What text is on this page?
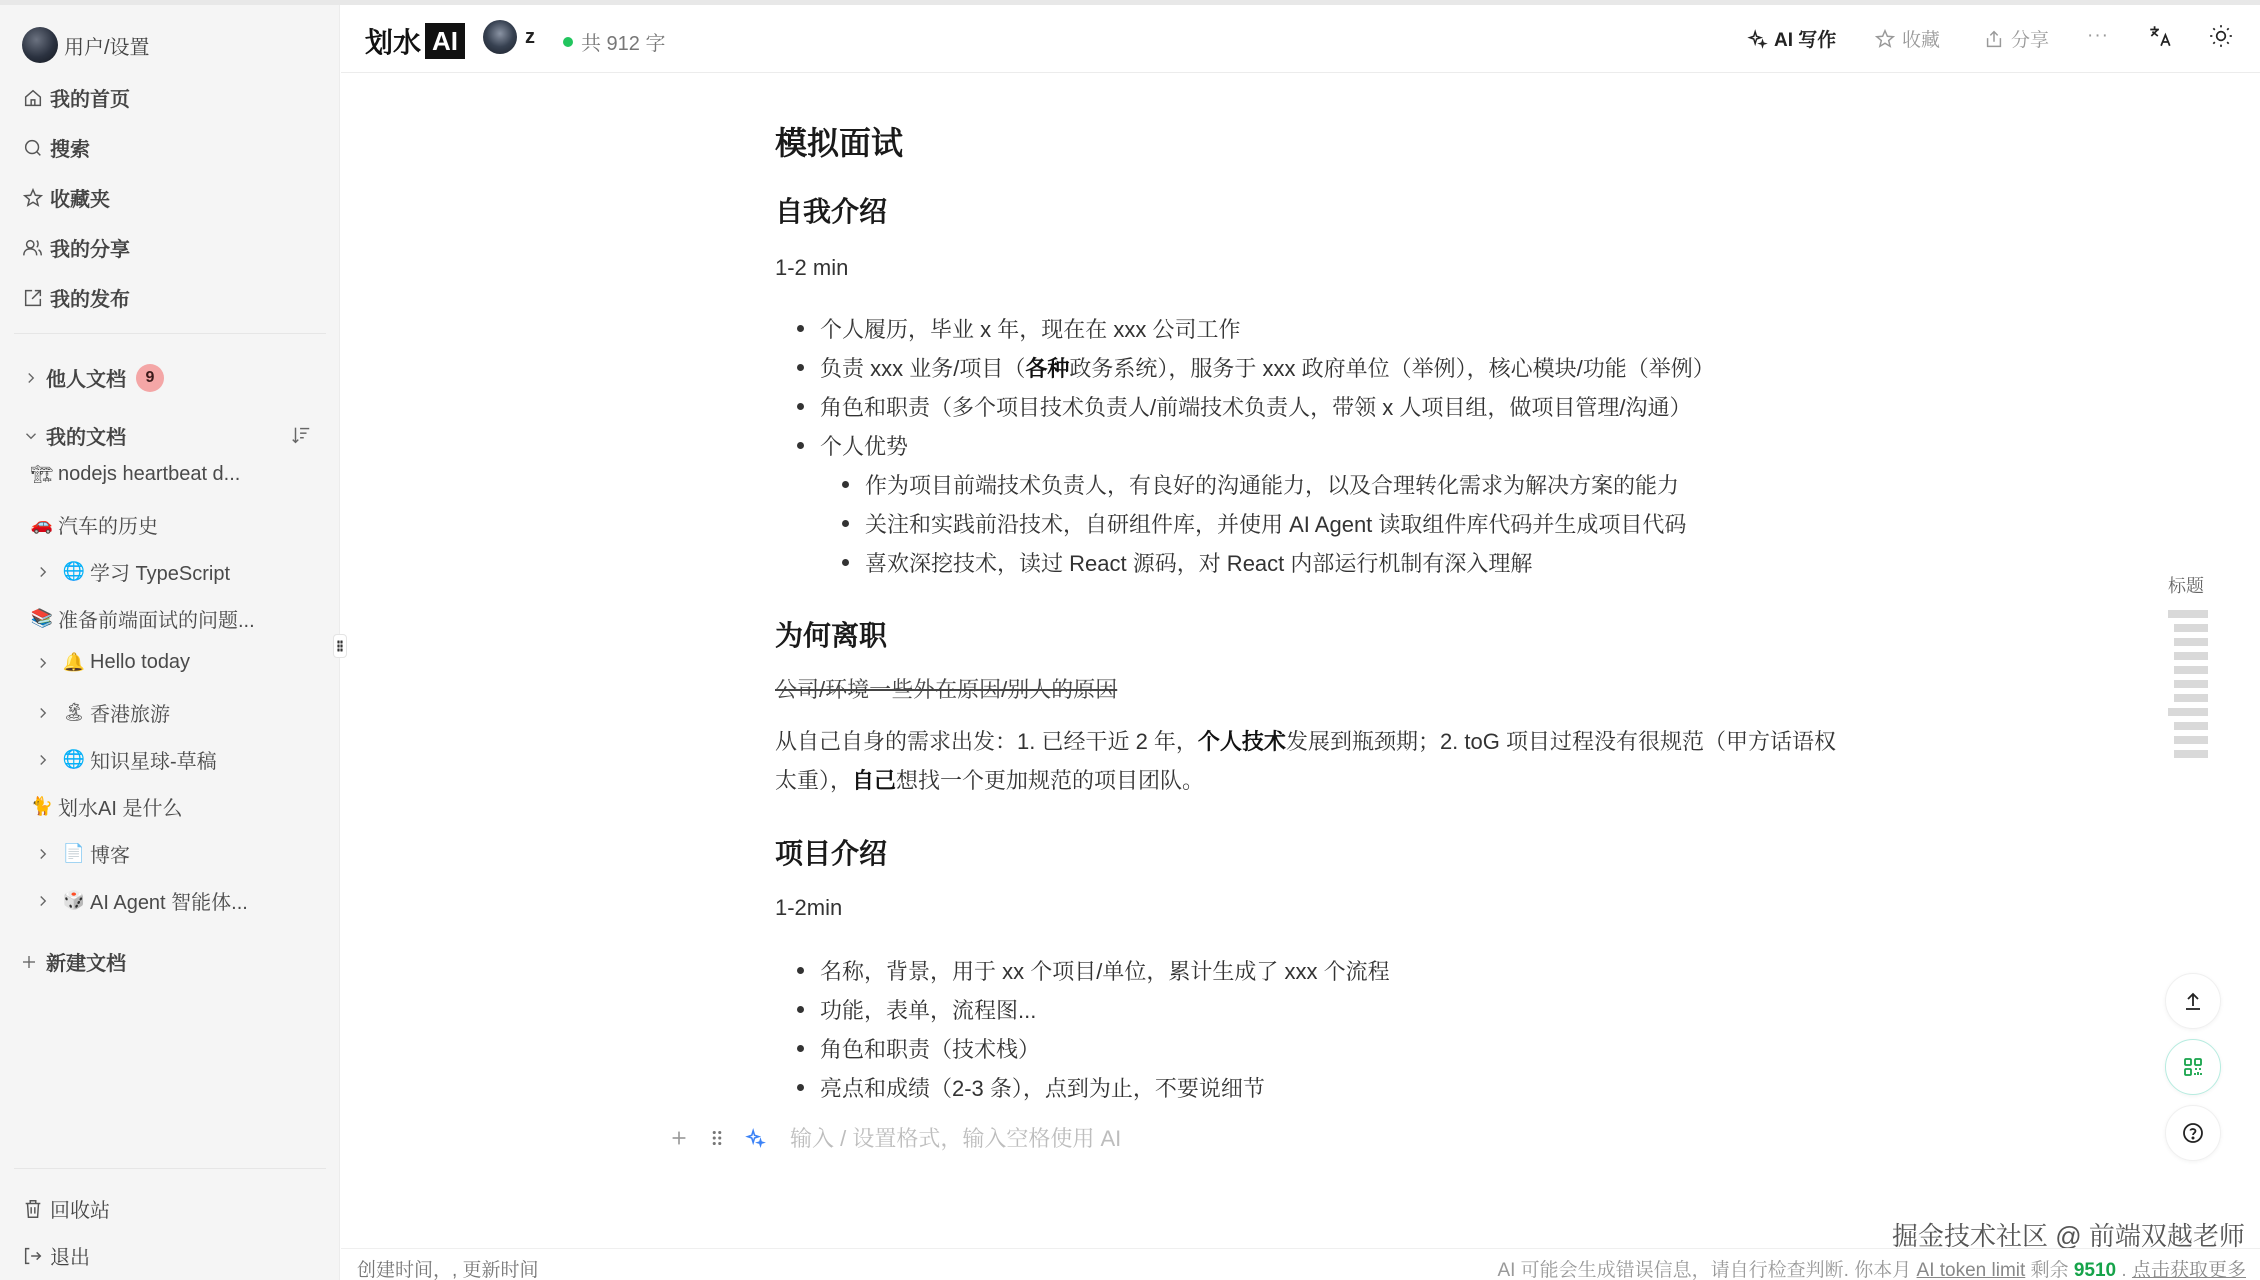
用户/设置
我的首页
搜索
收藏夹
我的分享
我的发布
他人文档	9
我的文档
🏗 nodejs heartbeat d...
🚗 汽车的历史
🌐 学习 TypeScript
📚 准备前端面试的问题...
🔔 Hello today
🏝 香港旅游
🌐 知识星球-草稿
🐈 划水AI 是什么
📄 博客
🎲 AI Agent 智能体...
新建文档
回收站
退出
划水 AI	z 共 912 字	AI 写作	收藏	分享 ···
模拟面试
自我介绍

1-2 min

个人履历，毕业 x 年，现在在 xxx 公司工作
负责 xxx 业务/项目（各种政务系统），服务于 xxx 政府单位（举例），核心模块/功能（举例）
角色和职责（多个项目技术负责人/前端技术负责人，带领 x 人项目组，做项目管理/沟通）
个人优势
作为项目前端技术负责人，有良好的沟通能力，以及合理转化需求为解决方案的能力
关注和实践前沿技术，自研组件库，并使用 AI Agent 读取组件库代码并生成项目代码
喜欢深挖技术，读过 React 源码，对 React 内部运行机制有深入理解
为何离职

公司/环境一些外在原因/别人的原因

从自己自身的需求出发：1. 已经干近 2 年，个人技术发展到瓶颈期；2. toG 项目过程没有很规范（甲方话语权太重），自己想找一个更加规范的项目团队。

项目介绍

1-2min

名称，背景，用于 xx 个项目/单位，累计生成了 xxx 个流程
功能，表单，流程图...
角色和职责（技术栈）
亮点和成绩（2-3 条），点到为止，不要说细节
输入 / 设置格式，输入空格使用 AI
标题
掘金技术社区 @ 前端双越老师
创建时间，, 更新时间	AI 可能会生成错误信息，请自行检查判断. 你本月 AI token limit 剩余 9510 . 点击获取更多
